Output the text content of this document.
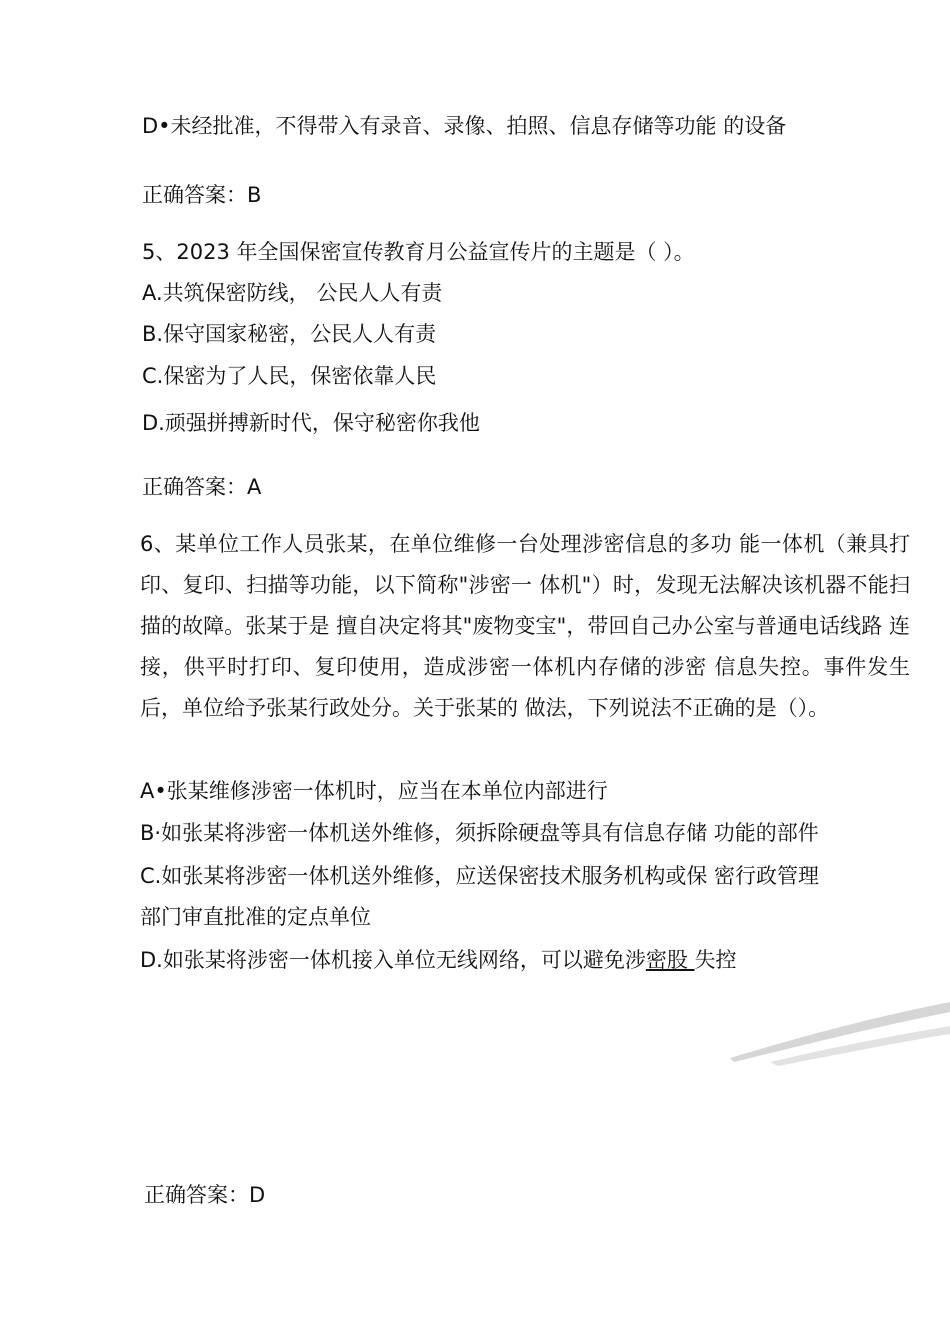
D•未经批准，不得带入有录音、录像、拍照、信息存储等功能 的设备
正确答案：B
5、2023 年全国保密宣传教育月公益宣传片的主题是（ ）。
A.共筑保密防线， 公民人人有责
B.保守国家秘密，公民人人有责
C.保密为了人民，保密依靠人民
D.顽强拼搏新时代，保守秘密你我他
正确答案：A
6、某单位工作人员张某，在单位维修一台处理涉密信息的多功 能一体机（兼具打印、复印、扫描等功能，以下简称"涉密一 体机"）时，发现无法解决该机器不能扫描的故障。张某于是 擅自决定将其"废物变宝"，带回自己办公室与普通电话线路 连接，供平时打印、复印使用，造成涉密一体机内存储的涉密 信息失控。事件发生后，单位给予张某行政处分。关于张某的 做法，下列说法不正确的是（）。
A•张某维修涉密一体机时，应当在本单位内部进行
B·如张某将涉密一体机送外维修，须拆除硬盘等具有信息存储 功能的部件
C.如张某将涉密一体机送外维修，应送保密技术服务机构或保 密行政管理
部门审直批准的定点单位
D.如张某将涉密一体机接入单位无线网络，可以避免涉密股 失控
正确答案：D
